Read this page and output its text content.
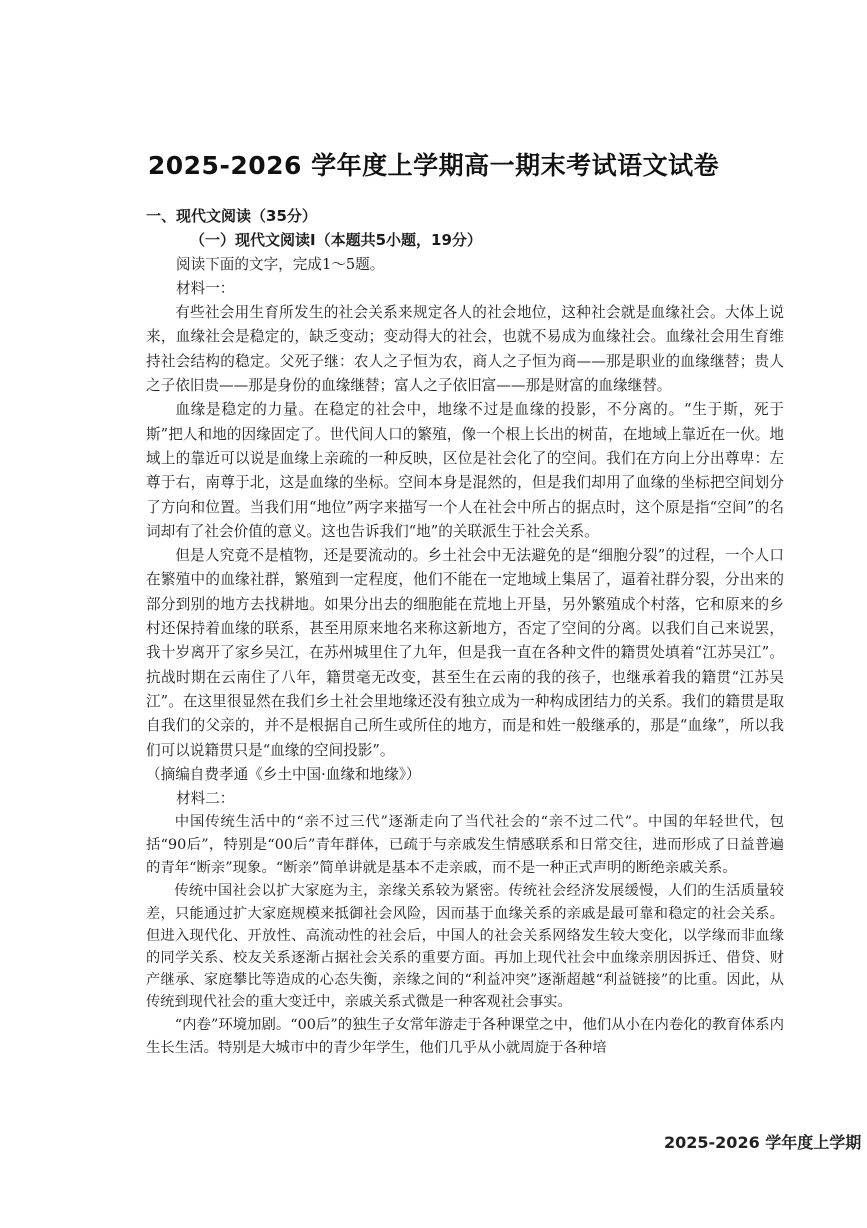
2025-2026 学年度上学期高一期末考试语文试卷

一、现代文阅读（35分）

（一）现代文阅读Ⅰ（本题共5小题，19分）

阅读下面的文字，完成1～5题。

材料一：

有些社会用生育所发生的社会关系来规定各人的社会地位，这种社会就是血缘社会。大体上说来，血缘社会是稳定的，缺乏变动；变动得大的社会，也就不易成为血缘社会。血缘社会用生育维持社会结构的稳定。父死子继：农人之子恒为农，商人之子恒为商——那是职业的血缘继替；贵人之子依旧贵——那是身份的血缘继替；富人之子依旧富——那是财富的血缘继替。

血缘是稳定的力量。在稳定的社会中，地缘不过是血缘的投影，不分离的。“生于斯，死于斯”把人和地的因缘固定了。世代间人口的繁殖，像一个根上长出的树苗，在地域上靠近在一伙。地域上的靠近可以说是血缘上亲疏的一种反映，区位是社会化了的空间。我们在方向上分出尊卑：左尊于右，南尊于北，这是血缘的坐标。空间本身是混然的，但是我们却用了血缘的坐标把空间划分了方向和位置。当我们用“地位”两字来描写一个人在社会中所占的据点时，这个原是指“空间”的名词却有了社会价值的意义。这也告诉我们“地”的关联派生于社会关系。

但是人究竟不是植物，还是要流动的。乡土社会中无法避免的是“细胞分裂”的过程，一个人口在繁殖中的血缘社群，繁殖到一定程度，他们不能在一定地域上集居了，逼着社群分裂，分出来的部分到别的地方去找耕地。如果分出去的细胞能在荒地上开垦，另外繁殖成个村落，它和原来的乡村还保持着血缘的联系，甚至用原来地名来称这新地方，否定了空间的分离。以我们自己来说罢，我十岁离开了家乡吴江，在苏州城里住了九年，但是我一直在各种文件的籍贯处填着“江苏吴江”。抗战时期在云南住了八年，籍贯毫无改变，甚至生在云南的我的孩子，也继承着我的籍贯“江苏吴江”。在这里很显然在我们乡土社会里地缘还没有独立成为一种构成团结力的关系。我们的籍贯是取自我们的父亲的，并不是根据自己所生或所住的地方，而是和姓一般继承的，那是“血缘”，所以我们可以说籍贯只是“血缘的空间投影”。

（摘编自费孝通《乡土中国·血缘和地缘》）

材料二：

中国传统生活中的“亲不过三代”逐渐走向了当代社会的“亲不过二代”。中国的年轻世代，包括“90后”，特别是“00后”青年群体，已疏于与亲戚发生情感联系和日常交往，进而形成了日益普遍的青年“断亲”现象。“断亲”简单讲就是基本不走亲戚，而不是一种正式声明的断绝亲戚关系。

传统中国社会以扩大家庭为主，亲缘关系较为紧密。传统社会经济发展缓慢，人们的生活质量较差，只能通过扩大家庭规模来抵御社会风险，因而基于血缘关系的亲戚是最可靠和稳定的社会关系。但进入现代化、开放性、高流动性的社会后，中国人的社会关系网络发生较大变化，以学缘而非血缘的同学关系、校友关系逐渐占据社会关系的重要方面。再加上现代社会中血缘亲朋因拆迁、借贷、财产继承、家庭攀比等造成的心态失衡，亲缘之间的“利益冲突”逐渐超越“利益链接”的比重。因此，从传统到现代社会的重大变迁中，亲戚关系式微是一种客观社会事实。

“内卷”环境加剧。“00后”的独生子女常年游走于各种课堂之中，他们从小在内卷化的教育体系内生长生活。特别是大城市中的青少年学生，他们几乎从小就周旋于各种培

2025-2026 学年度上学期
